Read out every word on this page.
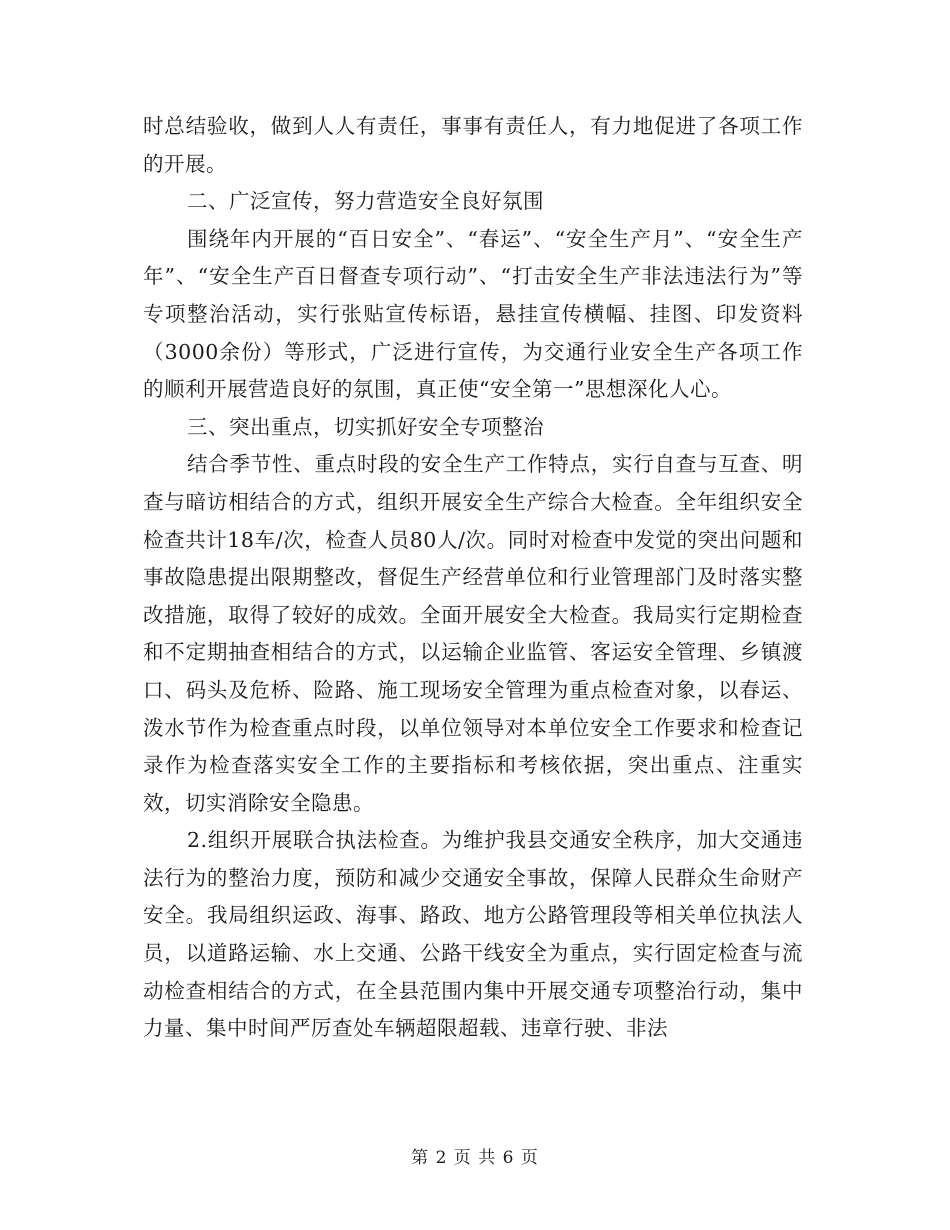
时总结验收，做到人人有责任，事事有责任人，有力地促进了各项工作的开展。

二、广泛宣传，努力营造安全良好氛围

围绕年内开展的“百日安全”、“春运”、“安全生产月”、“安全生产年”、“安全生产百日督查专项行动”、“打击安全生产非法违法行为”等专项整治活动，实行张贴宣传标语，悬挂宣传横幅、挂图、印发资料（3000余份）等形式，广泛进行宣传，为交通行业安全生产各项工作的顺利开展营造良好的氛围，真正使“安全第一”思想深化人心。

三、突出重点，切实抓好安全专项整治

结合季节性、重点时段的安全生产工作特点，实行自查与互查、明查与暗访相结合的方式，组织开展安全生产综合大检查。全年组织安全检查共计18车/次，检查人员80人/次。同时对检查中发觉的突出问题和事故隐患提出限期整改，督促生产经营单位和行业管理部门及时落实整改措施，取得了较好的成效。全面开展安全大检查。我局实行定期检查和不定期抽查相结合的方式，以运输企业监管、客运安全管理、乡镇渡口、码头及危桥、险路、施工现场安全管理为重点检查对象，以春运、泼水节作为检查重点时段，以单位领导对本单位安全工作要求和检查记录作为检查落实安全工作的主要指标和考核依据，突出重点、注重实效，切实消除安全隐患。

2.组织开展联合执法检查。为维护我县交通安全秩序，加大交通违法行为的整治力度，预防和减少交通安全事故，保障人民群众生命财产安全。我局组织运政、海事、路政、地方公路管理段等相关单位执法人员，以道路运输、水上交通、公路干线安全为重点，实行固定检查与流动检查相结合的方式，在全县范围内集中开展交通专项整治行动，集中力量、集中时间严厉查处车辆超限超载、违章行驶、非法

第 2 页 共 6 页
